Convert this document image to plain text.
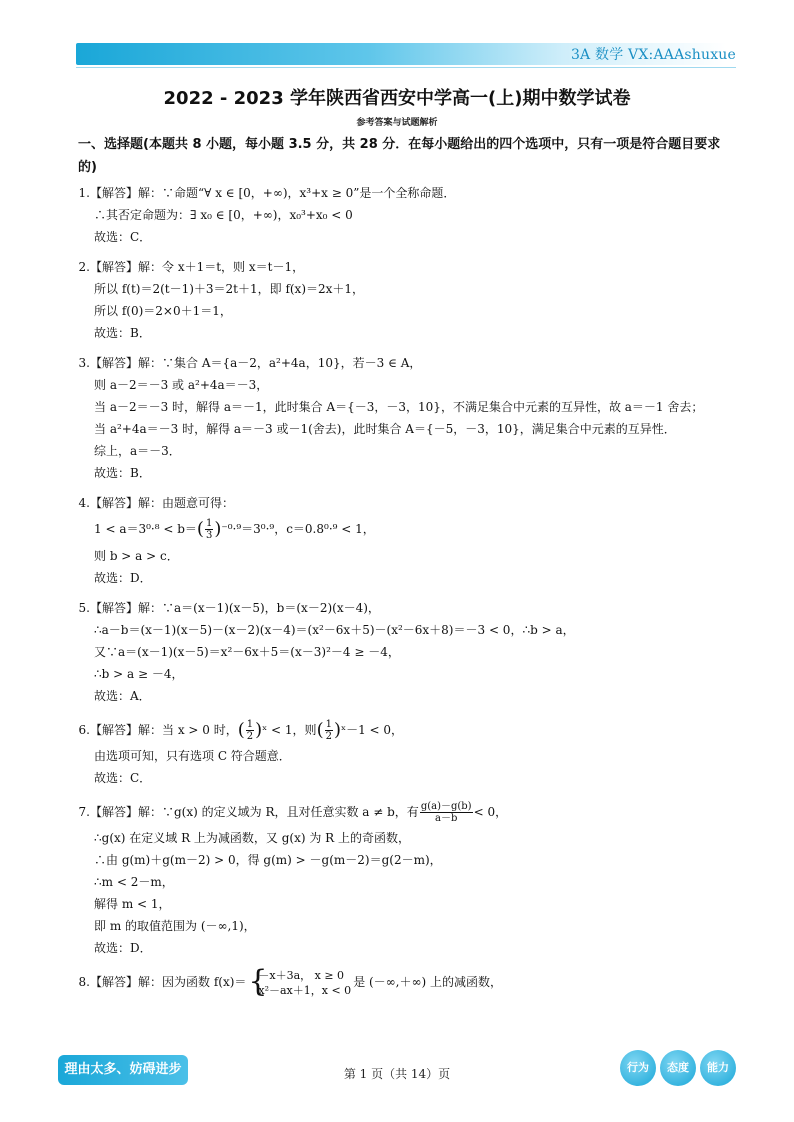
3A 数学 VX:AAAshuxue
2022 - 2023 学年陕西省西安中学高一(上)期中数学试卷
参考答案与试题解析
一、选择题(本题共 8 小题，每小题 3.5 分，共 28 分．在每小题给出的四个选项中，只有一项是符合题目要求
的)
1.【解答】解：∵命题“∀ x ∈ [0，+∞)，x³+x ≥ 0”是一个全称命题．
∴其否定命题为：∃ x₀ ∈ [0，+∞)，x₀³+x₀ < 0
故选：C．
2.【解答】解：令 x＋1＝t，则 x＝t－1，
所以 f(t)＝2(t－1)＋3＝2t＋1，即 f(x)＝2x＋1，
所以 f(0)＝2×0＋1＝1，
故选：B．
3.【解答】解：∵集合 A＝{a－2，a²+4a，10}，若－3 ∈ A，
则 a－2＝－3 或 a²+4a＝－3，
当 a－2＝－3 时，解得 a＝－1，此时集合 A＝{－3，－3，10}，不满足集合中元素的互异性，故 a＝－1 舍去；
当 a²+4a＝－3 时，解得 a＝－3 或－1(舍去)，此时集合 A＝{－5，－3，10}，满足集合中元素的互异性．
综上，a＝－3．
故选：B．
4.【解答】解：由题意可得：
$1 < a=3^0\cdot^8 < b=( \frac{1}{3} )^{-0}\cdot^9=3^0\cdot^9$，c＝0.8⁰·⁹ < 1，
则 b > a > c．
故选：D．
5.【解答】解：∵a＝(x－1)(x－5)，b＝(x－2)(x－4)，
∴a－b＝(x－1)(x－5)－(x－2)(x－4)＝(x²－6x＋5)－(x²－6x＋8)＝－3 < 0，∴b > a，
又∵a＝(x－1)(x－5)＝x²－6x＋5＝(x－3)²－4 ≥ －4，
∴b > a ≥ －4，
故选：A．
6.【解答】解：当 x > 0 时，( $\frac{1}{2}$ )ˣ < 1，则( $\frac{1}{2}$ )ˣ－1 < 0，
由选项可知，只有选项 C 符合题意．
故选：C．
7.【解答】解：∵g(x) 的定义域为 R，且对任意实数 a ≠ b，有 $\frac{g(a)-g(b)}{a-b} < 0$，
∴g(x) 在定义域 R 上为减函数，又 g(x) 为 R 上的奇函数，
∴由 g(m)＋g(m－2) > 0，得 g(m) > －g(m－2)＝g(2－m)，
∴m < 2－m，
解得 m < 1，
即 m 的取值范围为 (－∞,1)，
故选：D．
8.【解答】解：因为函数 f(x)＝ {
－x＋3a， x ≥ 0
x²－ax＋1，x < 0
是 (－∞,＋∞) 上的减函数，
理由太多、妨碍进步	第 1 页（共 14）页	行为	态度	能力
